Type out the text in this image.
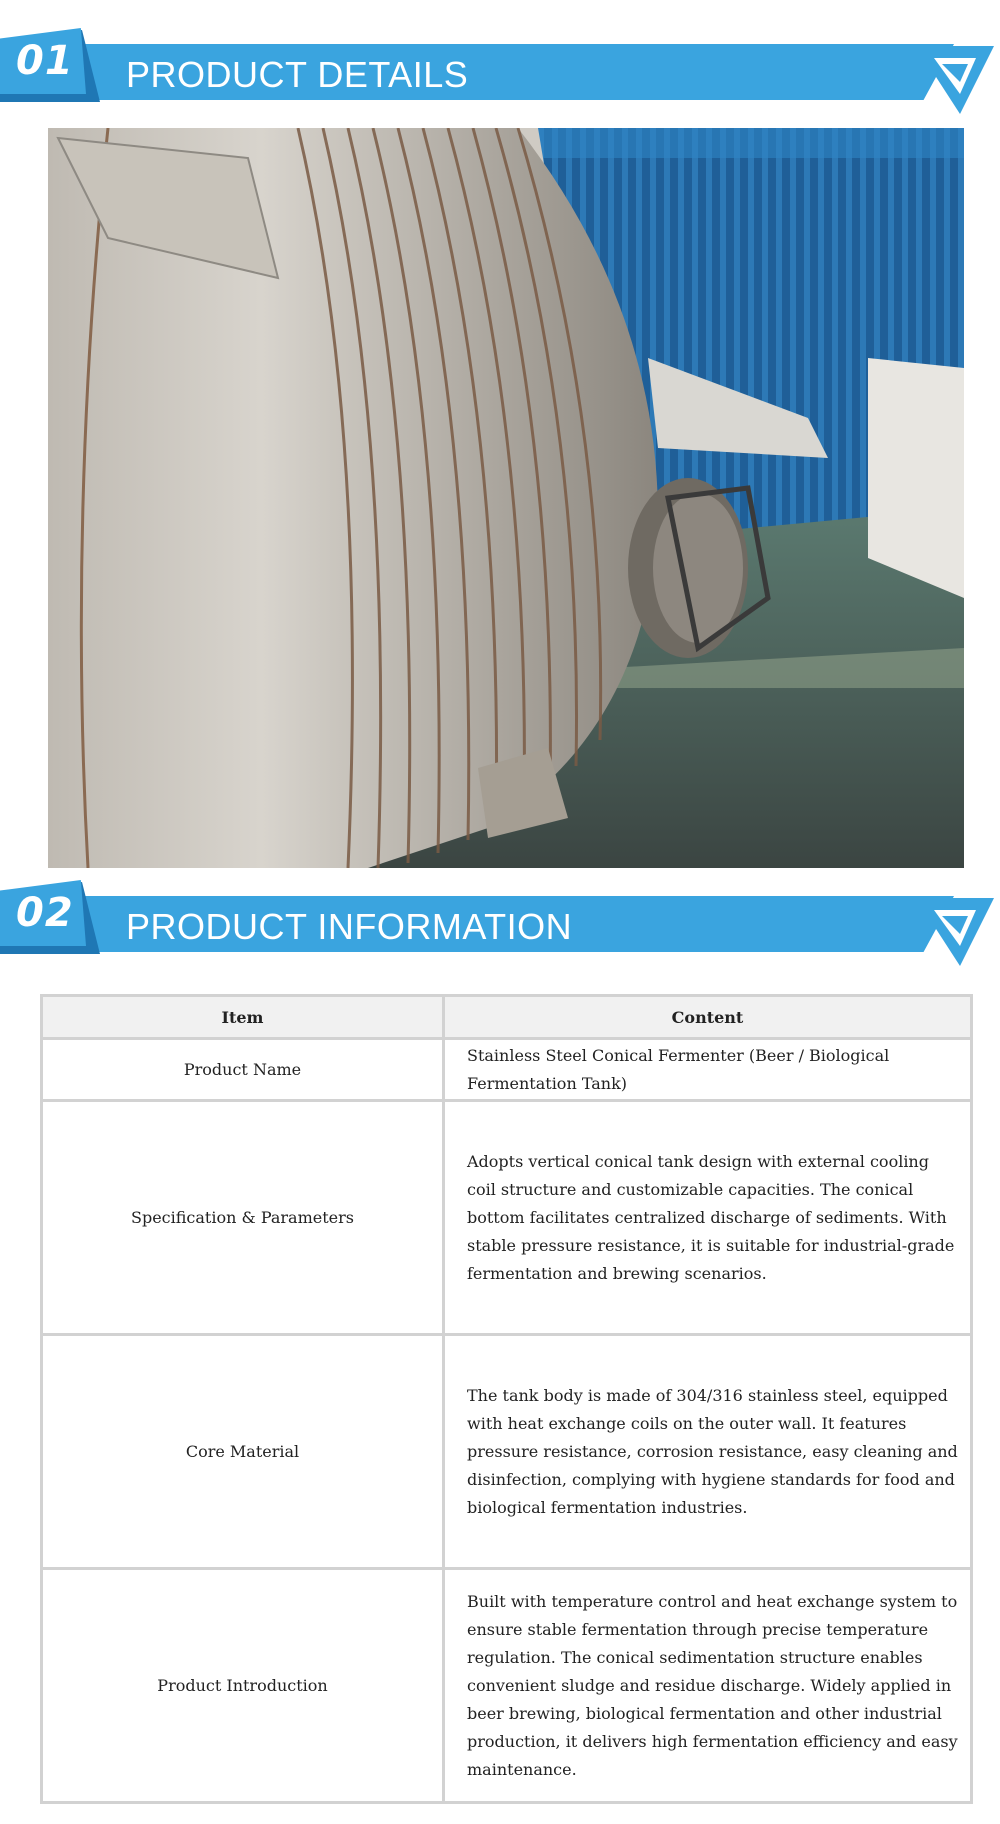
01 PRODUCT DETAILS
02 PRODUCT INFORMATION
Item	Content
Product Name	Stainless Steel Conical Fermenter (Beer / Biological Fermentation Tank)
Specification & Parameters	Adopts vertical conical tank design with external cooling coil structure and customizable capacities. The conical bottom facilitates centralized discharge of sediments. With stable pressure resistance, it is suitable for industrial-grade fermentation and brewing scenarios.
Core Material	The tank body is made of 304/316 stainless steel, equipped with heat exchange coils on the outer wall. It features pressure resistance, corrosion resistance, easy cleaning and disinfection, complying with hygiene standards for food and biological fermentation industries.
Product Introduction	Built with temperature control and heat exchange system to ensure stable fermentation through precise temperature regulation. The conical sedimentation structure enables convenient sludge and residue discharge. Widely applied in beer brewing, biological fermentation and other industrial production, it delivers high fermentation efficiency and easy maintenance.
